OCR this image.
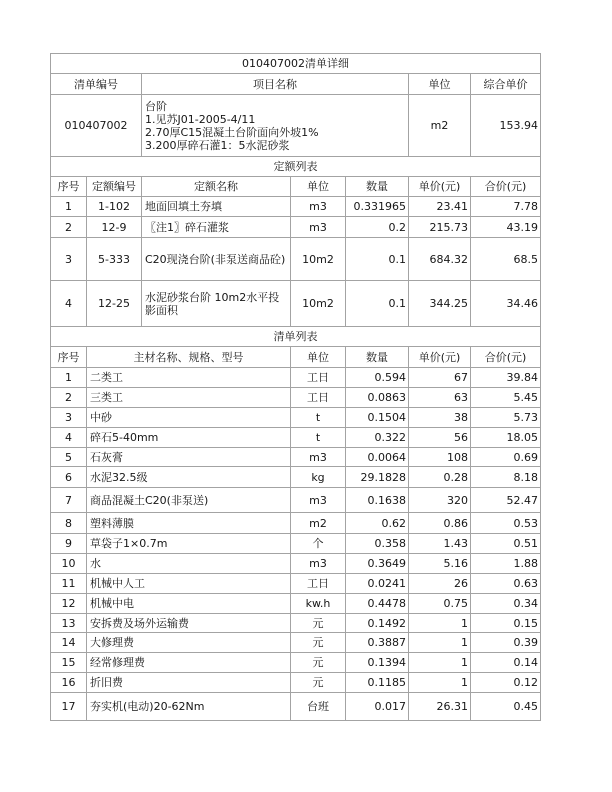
010407002清单详细						
清单编号		项目名称			单位	综合单价
010407002		台阶
1.见苏J01-2005-4/11
2.70厚C15混凝土台阶面向外坡1%
3.200厚碎石灌1：5水泥砂浆			m2	153.94
定额列表						
序号	定额编号	定额名称	单位	数量	单价(元)	合价(元)
1	1-102	地面回填土夯填	m3	0.331965	23.41	7.78
2	12-9	〖注1〗碎石灌浆	m3	0.2	215.73	43.19
3	5-333	C20现浇台阶(非泵送商品砼)	10m2	0.1	684.32	68.5
4	12-25	水泥砂浆台阶 10m2水平投影面积	10m2	0.1	344.25	34.46
清单列表						
序号	主材名称、规格、型号		单位	数量	单价(元)	合价(元)
1	二类工		工日	0.594	67	39.84
2	三类工		工日	0.0863	63	5.45
3	中砂		t	0.1504	38	5.73
4	碎石5-40mm		t	0.322	56	18.05
5	石灰膏		m3	0.0064	108	0.69
6	水泥32.5级		kg	29.1828	0.28	8.18
7	商品混凝土C20(非泵送)		m3	0.1638	320	52.47
8	塑料薄膜		m2	0.62	0.86	0.53
9	草袋子1×0.7m		个	0.358	1.43	0.51
10	水		m3	0.3649	5.16	1.88
11	机械中人工		工日	0.0241	26	0.63
12	机械中电		kw.h	0.4478	0.75	0.34
13	安拆费及场外运输费		元	0.1492	1	0.15
14	大修理费		元	0.3887	1	0.39
15	经常修理费		元	0.1394	1	0.14
16	折旧费		元	0.1185	1	0.12
17	夯实机(电动)20-62Nm		台班	0.017	26.31	0.45
